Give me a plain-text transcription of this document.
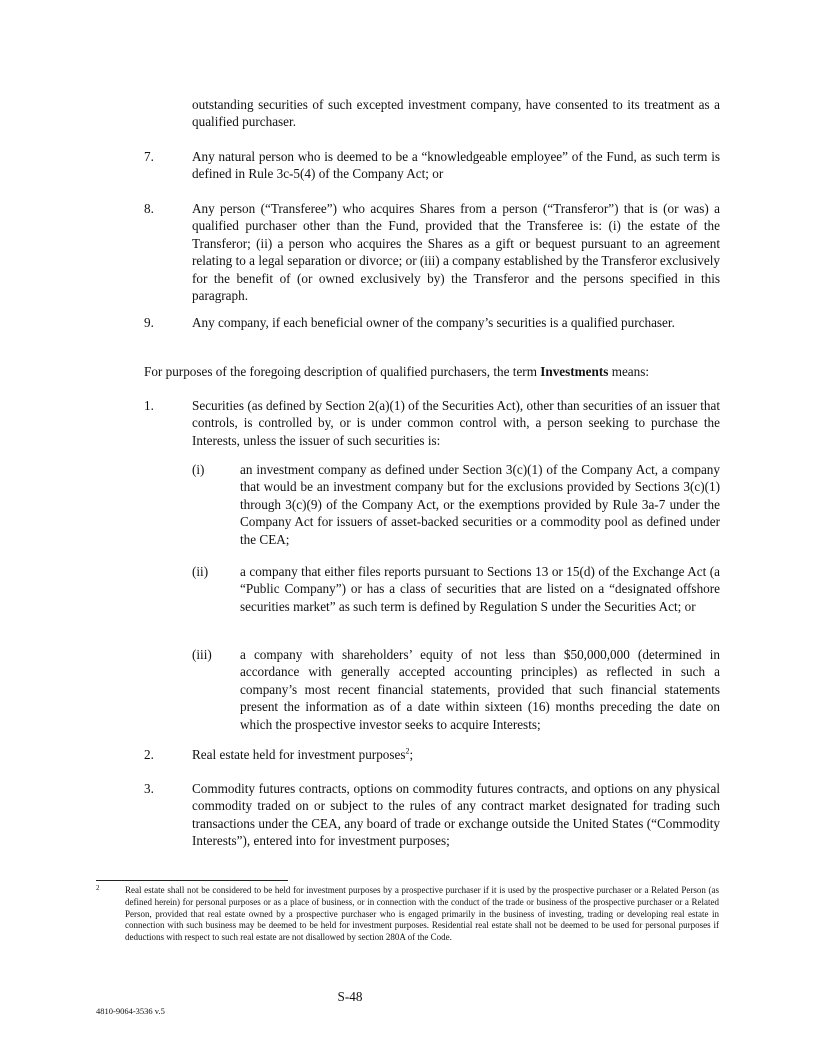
outstanding securities of such excepted investment company, have consented to its treatment as a qualified purchaser.
7.	Any natural person who is deemed to be a “knowledgeable employee” of the Fund, as such term is defined in Rule 3c-5(4) of the Company Act; or
8.	Any person (“Transferee”) who acquires Shares from a person (“Transferor”) that is (or was) a qualified purchaser other than the Fund, provided that the Transferee is: (i) the estate of the Transferor; (ii) a person who acquires the Shares as a gift or bequest pursuant to an agreement relating to a legal separation or divorce; or (iii) a company established by the Transferor exclusively for the benefit of (or owned exclusively by) the Transferor and the persons specified in this paragraph.
9.	Any company, if each beneficial owner of the company’s securities is a qualified purchaser.
For purposes of the foregoing description of qualified purchasers, the term Investments means:
1.	Securities (as defined by Section 2(a)(1) of the Securities Act), other than securities of an issuer that controls, is controlled by, or is under common control with, a person seeking to purchase the Interests, unless the issuer of such securities is:
(i)	an investment company as defined under Section 3(c)(1) of the Company Act, a company that would be an investment company but for the exclusions provided by Sections 3(c)(1) through 3(c)(9) of the Company Act, or the exemptions provided by Rule 3a-7 under the Company Act for issuers of asset-backed securities or a commodity pool as defined under the CEA;
(ii) a company that either files reports pursuant to Sections 13 or 15(d) of the Exchange Act (a “Public Company”) or has a class of securities that are listed on a “designated offshore securities market” as such term is defined by Regulation S under the Securities Act; or
(iii) a company with shareholders’ equity of not less than $50,000,000 (determined in accordance with generally accepted accounting principles) as reflected in such a company’s most recent financial statements, provided that such financial statements present the information as of a date within sixteen (16) months preceding the date on which the prospective investor seeks to acquire Interests;
2.	Real estate held for investment purposes$^2$;
3.	Commodity futures contracts, options on commodity futures contracts, and options on any physical commodity traded on or subject to the rules of any contract market designated for trading such transactions under the CEA, any board of trade or exchange outside the United States (“Commodity Interests”), entered into for investment purposes;
2	Real estate shall not be considered to be held for investment purposes by a prospective purchaser if it is used by the prospective purchaser or a Related Person (as defined herein) for personal purposes or as a place of business, or in connection with the conduct of the trade or business of the prospective purchaser or a Related Person, provided that real estate owned by a prospective purchaser who is engaged primarily in the business of investing, trading or developing real estate in connection with such business may be deemed to be held for investment purposes. Residential real estate shall not be deemed to be used for personal purposes if deductions with respect to such real estate are not disallowed by section 280A of the Code.
S-48
4810-9064-3536 v.5
